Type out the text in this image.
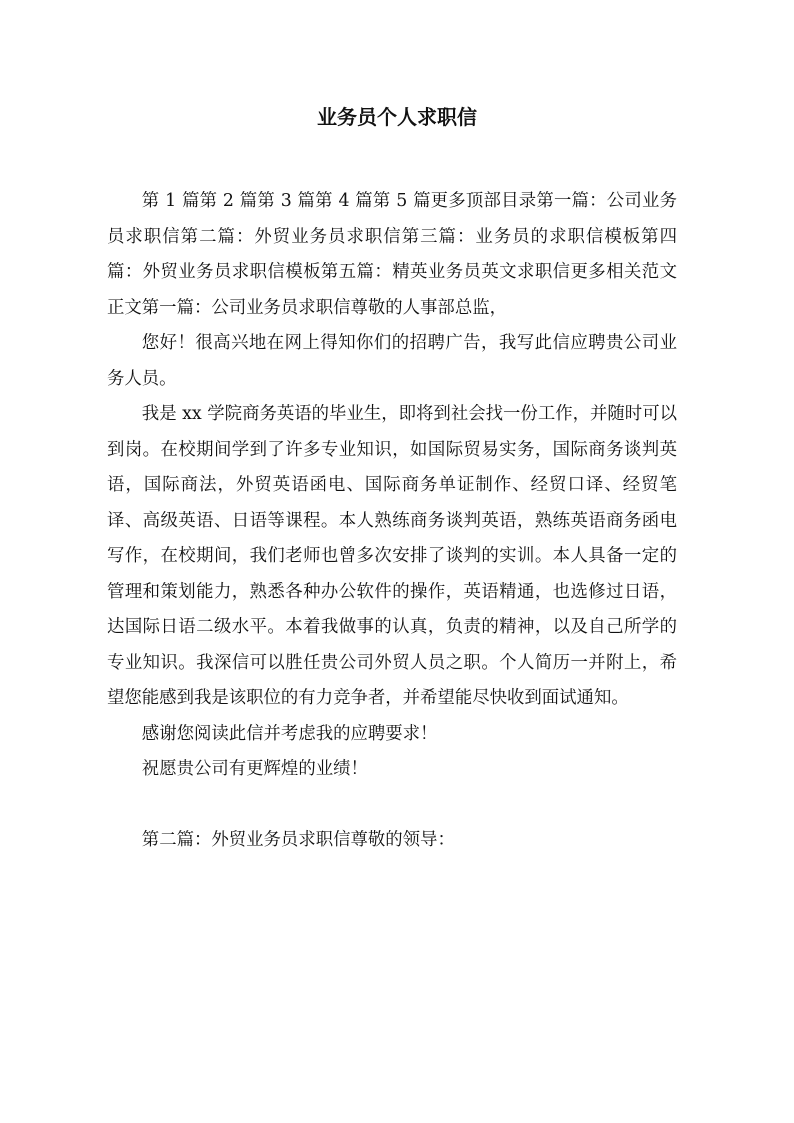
业务员个人求职信

第 1 篇第 2 篇第 3 篇第 4 篇第 5 篇更多顶部目录第一篇：公司业务员求职信第二篇：外贸业务员求职信第三篇：业务员的求职信模板第四篇：外贸业务员求职信模板第五篇：精英业务员英文求职信更多相关范文正文第一篇：公司业务员求职信尊敬的人事部总监，

您好！很高兴地在网上得知你们的招聘广告，我写此信应聘贵公司业务人员。

我是 xx 学院商务英语的毕业生，即将到社会找一份工作，并随时可以到岗。在校期间学到了许多专业知识，如国际贸易实务，国际商务谈判英语，国际商法，外贸英语函电、国际商务单证制作、经贸口译、经贸笔译、高级英语、日语等课程。本人熟练商务谈判英语，熟练英语商务函电写作，在校期间，我们老师也曾多次安排了谈判的实训。本人具备一定的管理和策划能力，熟悉各种办公软件的操作，英语精通，也选修过日语，达国际日语二级水平。本着我做事的认真，负责的精神，以及自己所学的专业知识。我深信可以胜任贵公司外贸人员之职。个人简历一并附上，希望您能感到我是该职位的有力竞争者，并希望能尽快收到面试通知。

感谢您阅读此信并考虑我的应聘要求！

祝愿贵公司有更辉煌的业绩！

第二篇：外贸业务员求职信尊敬的领导：
